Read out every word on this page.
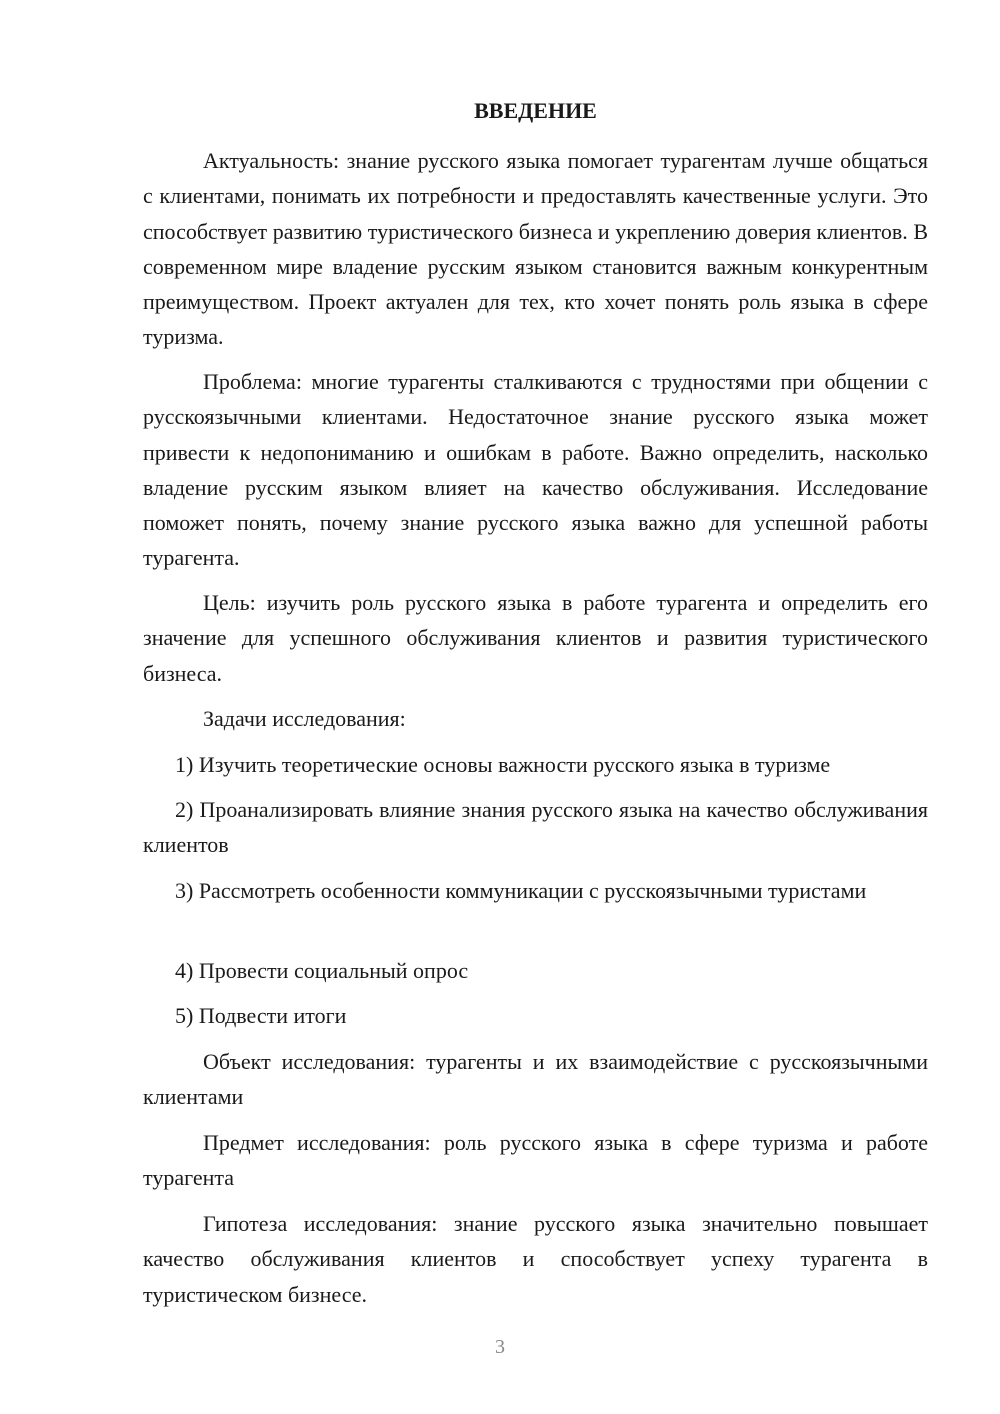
ВВЕДЕНИЕ

Актуальность: знание русского языка помогает турагентам лучше общаться с клиентами, понимать их потребности и предоставлять качественные услуги. Это способствует развитию туристического бизнеса и укреплению доверия клиентов. В современном мире владение русским языком становится важным конкурентным преимуществом. Проект актуален для тех, кто хочет понять роль языка в сфере туризма.

Проблема: многие турагенты сталкиваются с трудностями при общении с русскоязычными клиентами. Недостаточное знание русского языка может привести к недопониманию и ошибкам в работе. Важно определить, насколько владение русским языком влияет на качество обслуживания. Исследование поможет понять, почему знание русского языка важно для успешной работы турагента.

Цель: изучить роль русского языка в работе турагента и определить его значение для успешного обслуживания клиентов и развития туристического бизнеса.

Задачи исследования:

1) Изучить теоретические основы важности русского языка в туризме

2) Проанализировать влияние знания русского языка на качество обслуживания клиентов

3) Рассмотреть особенности коммуникации с русскоязычными туристами

4) Провести социальный опрос

5) Подвести итоги

Объект исследования: турагенты и их взаимодействие с русскоязычными клиентами

Предмет исследования: роль русского языка в сфере туризма и работе турагента

Гипотеза исследования: знание русского языка значительно повышает качество обслуживания клиентов и способствует успеху турагента в туристическом бизнесе.

3
